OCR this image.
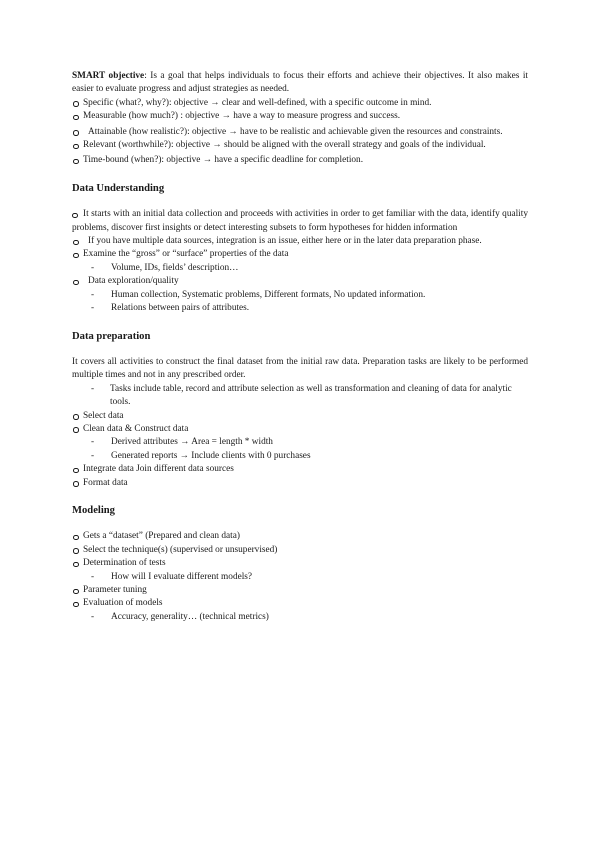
SMART objective: Is a goal that helps individuals to focus their efforts and achieve their objectives. It also makes it easier to evaluate progress and adjust strategies as needed.

Specific (what?, why?): objective → clear and well-defined, with a specific outcome in mind.

Measurable (how much?) : objective → have a way to measure progress and success.

Attainable (how realistic?): objective → have to be realistic and achievable given the resources and constraints.

Relevant (worthwhile?): objective → should be aligned with the overall strategy and goals of the individual.

Time-bound (when?): objective → have a specific deadline for completion.

Data Understanding

It starts with an initial data collection and proceeds with activities in order to get familiar with the data, identify quality problems, discover first insights or detect interesting subsets to form hypotheses for hidden information

If you have multiple data sources, integration is an issue, either here or in the later data preparation phase.

Examine the “gross” or “surface” properties of the data

- Volume, IDs, fields’ description…

Data exploration/quality

- Human collection, Systematic problems, Different formats, No updated information.

- Relations between pairs of attributes.

Data preparation

It covers all activities to construct the final dataset from the initial raw data. Preparation tasks are likely to be performed multiple times and not in any prescribed order.

- Tasks include table, record and attribute selection as well as transformation and cleaning of data for analytic tools.

Select data

Clean data & Construct data

- Derived attributes → Area = length * width

- Generated reports → Include clients with 0 purchases

Integrate data Join different data sources

Format data

Modeling

Gets a “dataset” (Prepared and clean data)

Select the technique(s) (supervised or unsupervised)

Determination of tests

- How will I evaluate different models?

Parameter tuning

Evaluation of models

- Accuracy, generality… (technical metrics)
